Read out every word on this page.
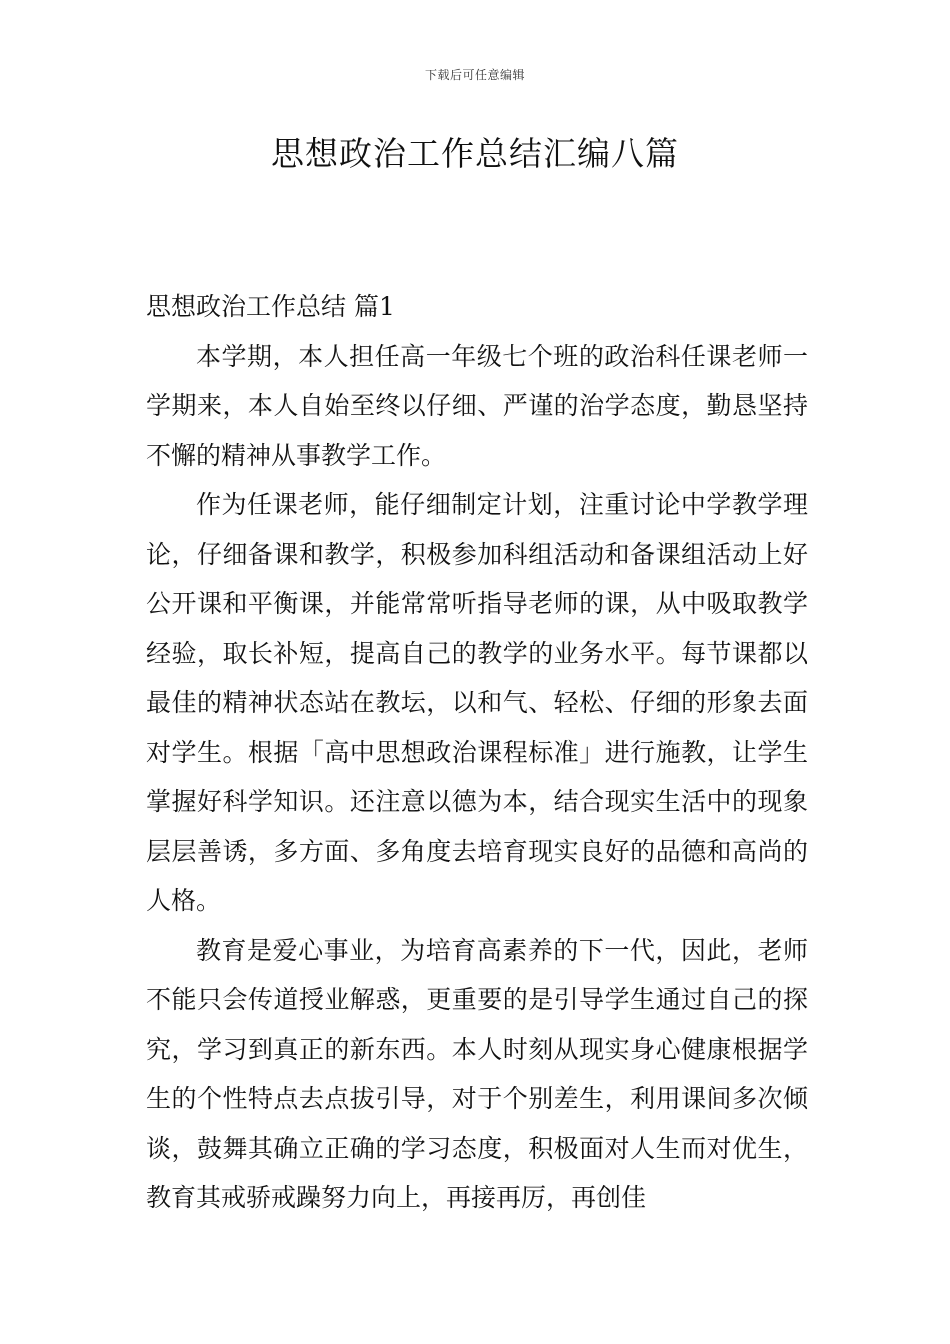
下载后可任意编辑
思想政治工作总结汇编八篇

思想政治工作总结 篇1

本学期，本人担任高一年级七个班的政治科任课老师一学期来，本人自始至终以仔细、严谨的治学态度，勤恳坚持不懈的精神从事教学工作。

作为任课老师，能仔细制定计划，注重讨论中学教学理论，仔细备课和教学，积极参加科组活动和备课组活动上好公开课和平衡课，并能常常听指导老师的课，从中吸取教学经验，取长补短，提高自己的教学的业务水平。每节课都以最佳的精神状态站在教坛，以和气、轻松、仔细的形象去面对学生。根据「高中思想政治课程标准」进行施教，让学生掌握好科学知识。还注意以德为本，结合现实生活中的现象层层善诱，多方面、多角度去培育现实良好的品德和高尚的人格。

教育是爱心事业，为培育高素养的下一代，因此，老师不能只会传道授业解惑，更重要的是引导学生通过自己的探究，学习到真正的新东西。本人时刻从现实身心健康根据学生的个性特点去点拔引导，对于个别差生，利用课间多次倾谈，鼓舞其确立正确的学习态度，积极面对人生而对优生，教育其戒骄戒躁努力向上，再接再厉，再创佳
